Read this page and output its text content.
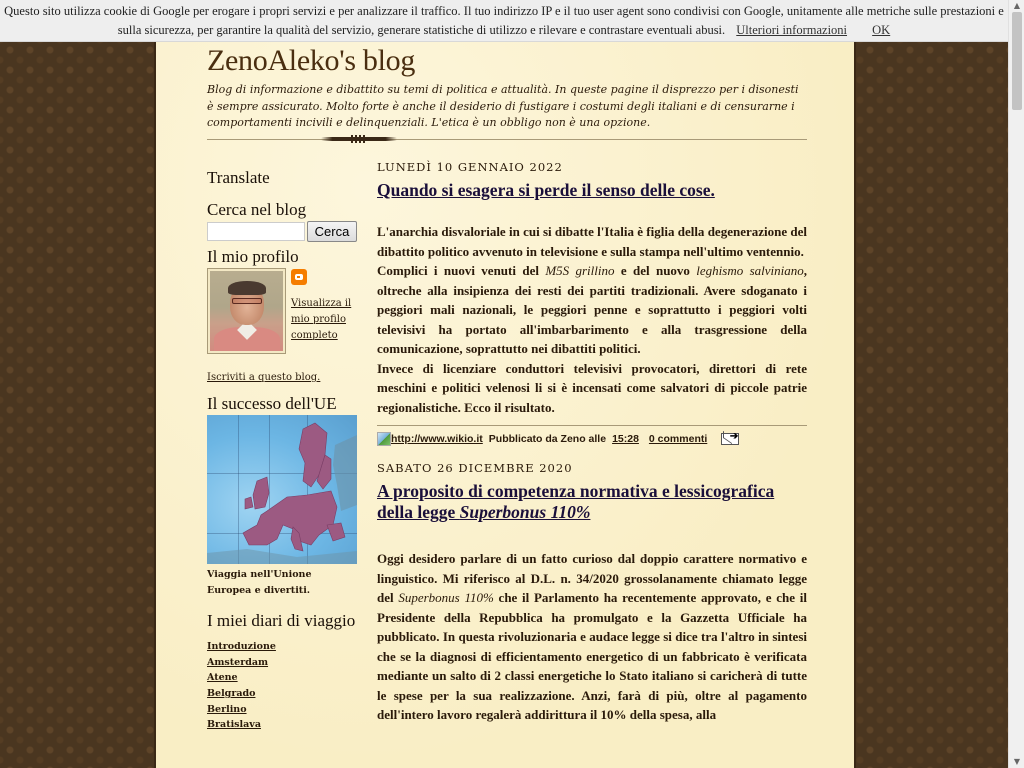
Questo sito utilizza cookie di Google per erogare i propri servizi e per analizzare il traffico. Il tuo indirizzo IP e il tuo user agent sono condivisi con Google, unitamente alle metriche sulle prestazioni e sulla sicurezza, per garantire la qualità del servizio, generare statistiche di utilizzo e rilevare e contrastare eventuali abusi. Ulteriori informazioni OK
ZenoAleko's blog

Blog di informazione e dibattito su temi di politica e attualità. In queste pagine il disprezzo per i disonesti è sempre assicurato. Molto forte è anche il desiderio di fustigare i costumi degli italiani e di censurarne i comportamenti incivili e delinquenziali. L'etica è un obbligo non è una opzione.

Translate
Cerca nel blog
Cerca
Il mio profilo
Visualizza il mio profilo completo
Iscriviti a questo blog.
Il successo dell'UE

Viaggia nell'Unione Europea e divertiti.

I miei diari di viaggio
Introduzione
Amsterdam
Atene
Belgrado
Berlino
Bratislava
LUNEDÌ 10 GENNAIO 2022
Quando si esagera si perde il senso delle cose.

L'anarchia disvaloriale in cui si dibatte l'Italia è figlia della degenerazione del dibattito politico avvenuto in televisione e sulla stampa nell'ultimo ventennio.

Complici i nuovi venuti del M5S grillino e del nuovo leghismo salviniano, oltreche alla insipienza dei resti dei partiti tradizionali. Avere sdoganato i peggiori mali nazionali, le peggiori penne e soprattutto i peggiori volti televisivi ha portato all'imbarbarimento e alla trasgressione della comunicazione, soprattutto nei dibattiti politici.

Invece di licenziare conduttori televisivi provocatori, direttori di rete meschini e politici velenosi li si è incensati come salvatori di piccole patrie regionalistiche. Ecco il risultato.

http://www.wikio.it Pubblicato da Zeno alle 15:28 0 commenti
➔
SABATO 26 DICEMBRE 2020
A proposito di competenza normativa e lessicografica della legge Superbonus 110%

Oggi desidero parlare di un fatto curioso dal doppio carattere normativo e linguistico. Mi riferisco al D.L. n. 34/2020 grossolanamente chiamato legge del Superbonus 110% che il Parlamento ha recentemente approvato, e che il Presidente della Repubblica ha promulgato e la Gazzetta Ufficiale ha pubblicato. In questa rivoluzionaria e audace legge si dice tra l'altro in sintesi che se la diagnosi di efficientamento energetico di un fabbricato è verificata mediante un salto di 2 classi energetiche lo Stato italiano si caricherà di tutte le spese per la sua realizzazione. Anzi, farà di più, oltre al pagamento dell'intero lavoro regalerà addirittura il 10% della spesa, alla

▲
▼
